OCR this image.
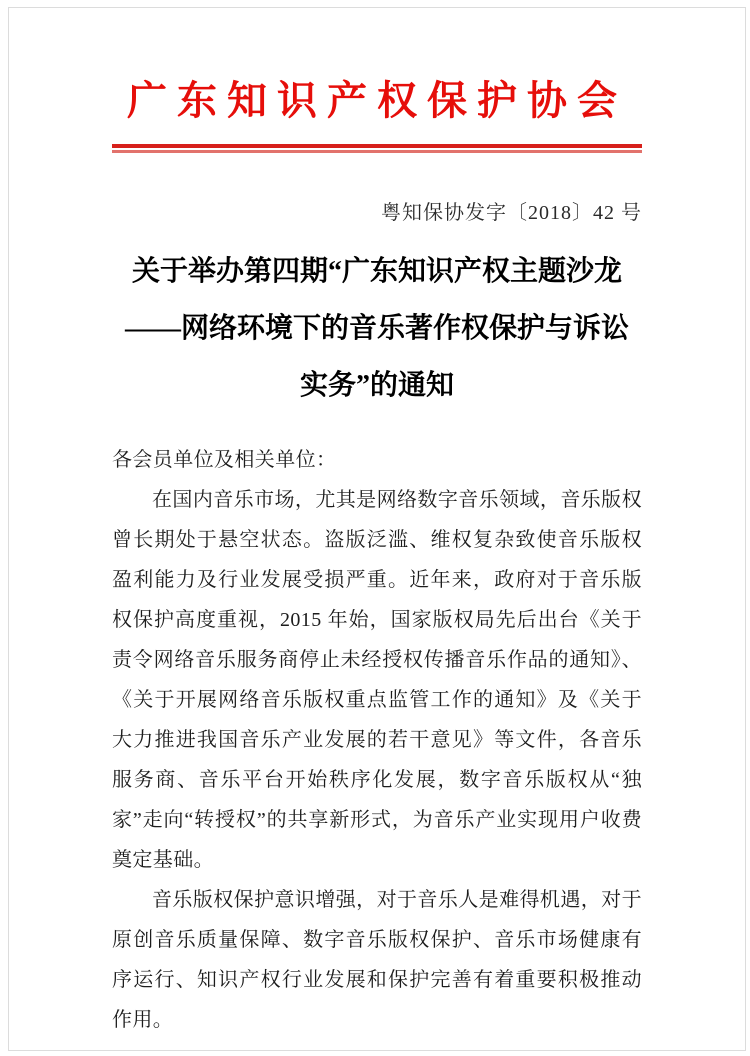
广东知识产权保护协会
粤知保协发字〔2018〕42 号
关于举办第四期“广东知识产权主题沙龙
——网络环境下的音乐著作权保护与诉讼
实务”的通知

各会员单位及相关单位：

在国内音乐市场，尤其是网络数字音乐领域，音乐版权曾长期处于悬空状态。盗版泛滥、维权复杂致使音乐版权盈利能力及行业发展受损严重。近年来，政府对于音乐版权保护高度重视，2015 年始，国家版权局先后出台《关于责令网络音乐服务商停止未经授权传播音乐作品的通知》、《关于开展网络音乐版权重点监管工作的通知》及《关于大力推进我国音乐产业发展的若干意见》等文件，各音乐服务商、音乐平台开始秩序化发展，数字音乐版权从“独家”走向“转授权”的共享新形式，为音乐产业实现用户收费奠定基础。

音乐版权保护意识增强，对于音乐人是难得机遇，对于原创音乐质量保障、数字音乐版权保护、音乐市场健康有序运行、知识产权行业发展和保护完善有着重要积极推动作用。
